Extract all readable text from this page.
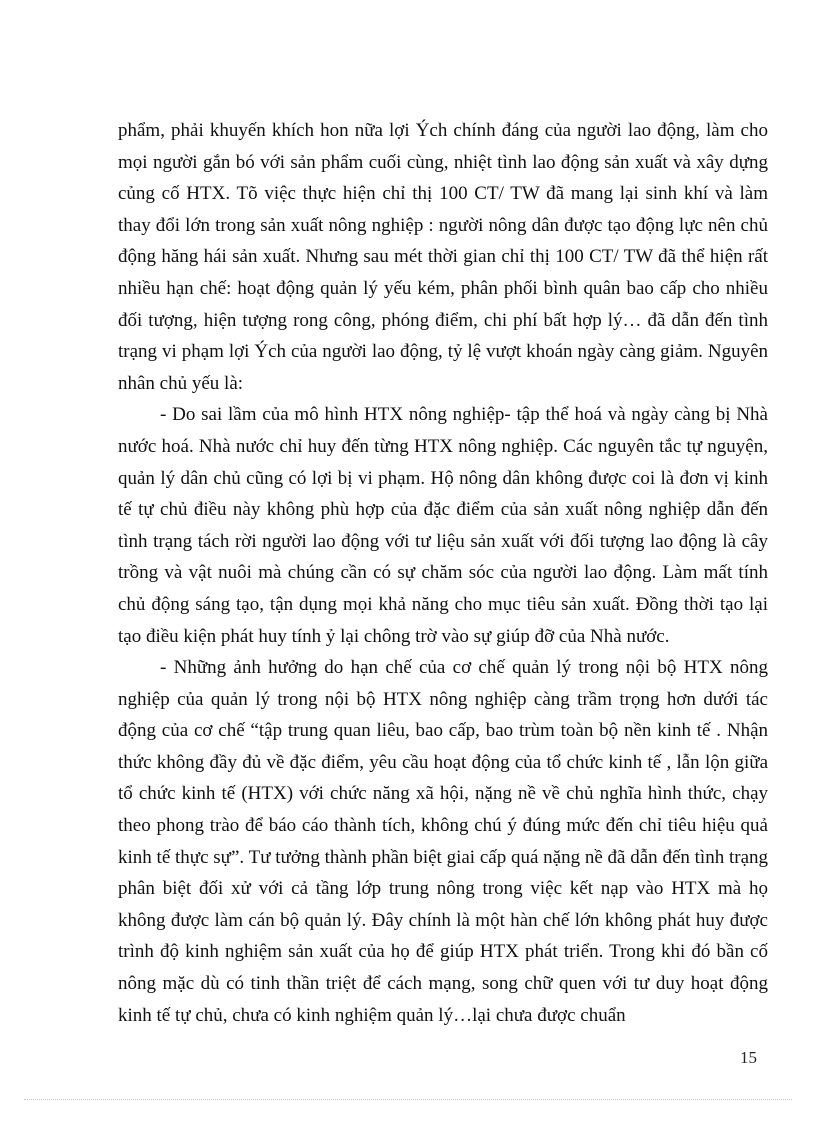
phẩm, phải khuyến khích hon nữa lợi Ých chính đáng của người lao động, làm cho mọi người gắn bó với sản phẩm cuối cùng, nhiệt tình lao động sản xuất và xây dựng củng cố HTX. Tõ việc thực hiện chỉ thị 100 CT/ TW đã mang lại sinh khí và làm thay đổi lớn trong sản xuất nông nghiệp : người nông dân được tạo động lực nên chủ động hăng hái sản xuất. Nhưng sau mét thời gian chỉ thị 100 CT/ TW đã thể hiện rất nhiều hạn chế: hoạt động quản lý yếu kém, phân phối bình quân bao cấp cho nhiều đối tượng, hiện tượng rong công, phóng điểm, chi phí bất hợp lý… đã dẫn đến tình trạng vi phạm lợi Ých của người lao động, tỷ lệ vượt khoán ngày càng giảm. Nguyên nhân chủ yếu là:

- Do sai lầm của mô hình HTX nông nghiệp- tập thể hoá và ngày càng bị Nhà nước hoá. Nhà nước chỉ huy đến từng HTX nông nghiệp. Các nguyên tắc tự nguyện, quản lý dân chủ cũng có lợi bị vi phạm. Hộ nông dân không được coi là đơn vị kinh tế tự chủ điều này không phù hợp của đặc điểm của sản xuất nông nghiệp dẫn đến tình trạng tách rời người lao động với tư liệu sản xuất với đối tượng lao động là cây trồng và vật nuôi mà chúng cần có sự chăm sóc của người lao động. Làm mất tính chủ động sáng tạo, tận dụng mọi khả năng cho mục tiêu sản xuất. Đồng thời tạo lại tạo điều kiện phát huy tính ỷ lại chông trờ vào sự giúp đỡ của Nhà nước.

- Những ảnh hưởng do hạn chế của cơ chế quản lý trong nội bộ HTX nông nghiệp của quản lý trong nội bộ HTX nông nghiệp càng trầm trọng hơn dưới tác động của cơ chế “tập trung quan liêu, bao cấp, bao trùm toàn bộ nền kinh tế . Nhận thức không đầy đủ về đặc điểm, yêu cầu hoạt động của tổ chức kinh tế , lẫn lộn giữa tổ chức kinh tế (HTX) với chức năng xã hội, nặng nề về chủ nghĩa hình thức, chạy theo phong trào để báo cáo thành tích, không chú ý đúng mức đến chỉ tiêu hiệu quả kinh tế thực sự”. Tư tưởng thành phần biệt giai cấp quá nặng nề đã dẫn đến tình trạng phân biệt đối xử với cả tầng lớp trung nông trong việc kết nạp vào HTX mà họ không được làm cán bộ quản lý. Đây chính là một hàn chế lớn không phát huy được trình độ kinh nghiệm sản xuất của họ để giúp HTX phát triển. Trong khi đó bần cố nông mặc dù có tinh thần triệt để cách mạng, song chữ quen với tư duy hoạt động kinh tế tự chủ, chưa có kinh nghiệm quản lý…lại chưa được chuẩn

15
